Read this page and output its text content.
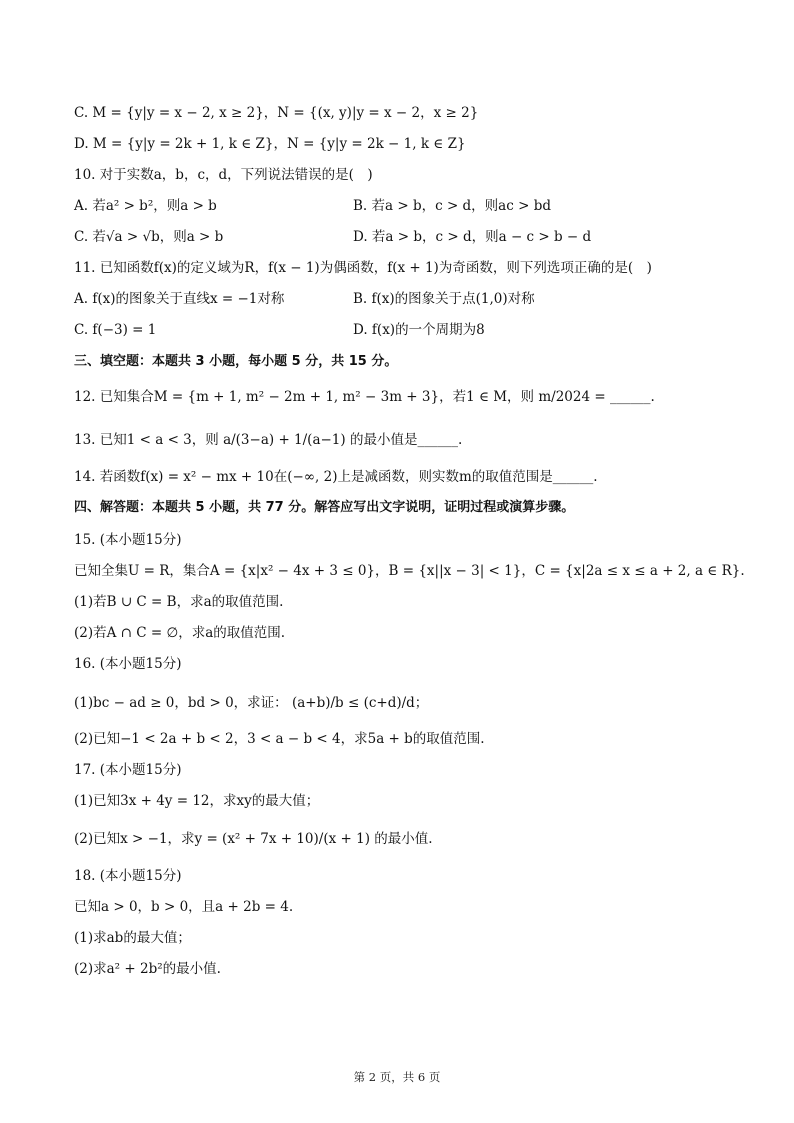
C. M = {y|y = x − 2, x ≥ 2}，N = {(x, y)|y = x − 2，x ≥ 2}
D. M = {y|y = 2k + 1, k ∈ Z}，N = {y|y = 2k − 1, k ∈ Z}
10. 对于实数a，b，c，d，下列说法错误的是(　)
A. 若a² > b²，则a > b	B. 若a > b，c > d，则ac > bd
C. 若√a > √b，则a > b	D. 若a > b，c > d，则a − c > b − d
11. 已知函数f(x)的定义域为R，f(x − 1)为偶函数，f(x + 1)为奇函数，则下列选项正确的是(　)
A. f(x)的图象关于直线x = −1对称	B. f(x)的图象关于点(1,0)对称
C. f(−3) = 1	D. f(x)的一个周期为8
三、填空题：本题共 3 小题，每小题 5 分，共 15 分。
12. 已知集合M = {m + 1, m² − 2m + 1, m² − 3m + 3}，若1 ∈ M，则 m/2024 = ______.
13. 已知1 < a < 3，则 a/(3−a) + 1/(a−1) 的最小值是______.
14. 若函数f(x) = x² − mx + 10在(−∞, 2)上是减函数，则实数m的取值范围是______.
四、解答题：本题共 5 小题，共 77 分。解答应写出文字说明，证明过程或演算步骤。
15. (本小题15分)
已知全集U = R，集合A = {x|x² − 4x + 3 ≤ 0}，B = {x||x − 3| < 1}，C = {x|2a ≤ x ≤ a + 2, a ∈ R}.
(1)若B ∪ C = B，求a的取值范围.
(2)若A ∩ C = ∅，求a的取值范围.
16. (本小题15分)
(1)bc − ad ≥ 0，bd > 0，求证： (a+b)/b ≤ (c+d)/d；
(2)已知−1 < 2a + b < 2，3 < a − b < 4，求5a + b的取值范围.
17. (本小题15分)
(1)已知3x + 4y = 12，求xy的最大值；
(2)已知x > −1，求y = (x² + 7x + 10)/(x + 1) 的最小值.
18. (本小题15分)
已知a > 0，b > 0，且a + 2b = 4.
(1)求ab的最大值；
(2)求a² + 2b²的最小值.
第 2 页，共 6 页
